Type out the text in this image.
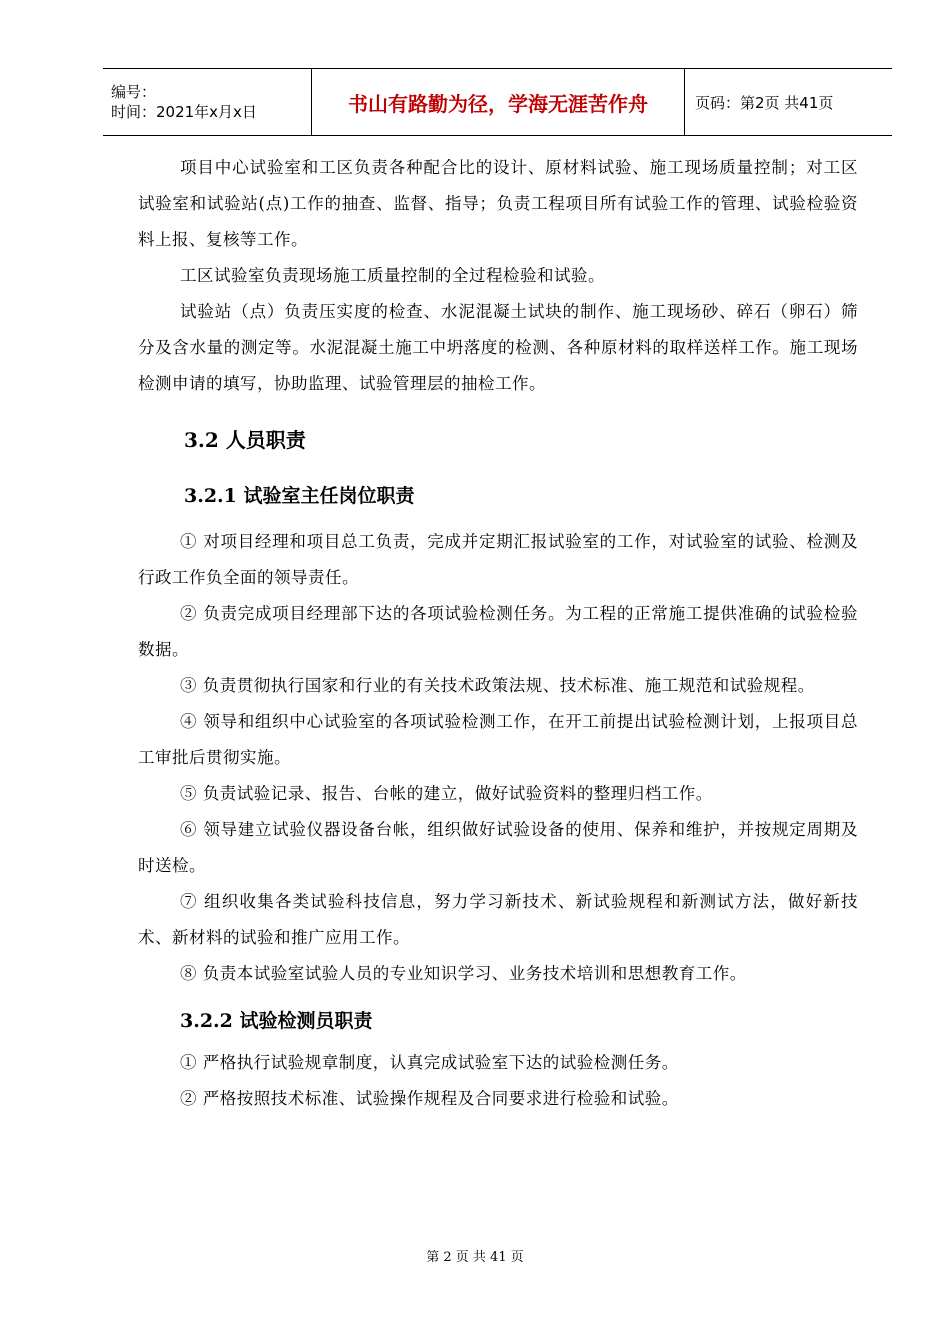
编号：
时间：2021年x月x日	书山有路勤为径，学海无涯苦作舟	页码：第2页 共41页

项目中心试验室和工区负责各种配合比的设计、原材料试验、施工现场质量控制；对工区试验室和试验站(点)工作的抽查、监督、指导；负责工程项目所有试验工作的管理、试验检验资料上报、复核等工作。

工区试验室负责现场施工质量控制的全过程检验和试验。

试验站（点）负责压实度的检查、水泥混凝土试块的制作、施工现场砂、碎石（卵石）筛分及含水量的测定等。水泥混凝土施工中坍落度的检测、各种原材料的取样送样工作。施工现场检测申请的填写，协助监理、试验管理层的抽检工作。

3.2 人员职责
3.2.1 试验室主任岗位职责

① 对项目经理和项目总工负责，完成并定期汇报试验室的工作，对试验室的试验、检测及行政工作负全面的领导责任。

② 负责完成项目经理部下达的各项试验检测任务。为工程的正常施工提供准确的试验检验数据。

③ 负责贯彻执行国家和行业的有关技术政策法规、技术标准、施工规范和试验规程。

④ 领导和组织中心试验室的各项试验检测工作，在开工前提出试验检测计划，上报项目总工审批后贯彻实施。

⑤ 负责试验记录、报告、台帐的建立，做好试验资料的整理归档工作。

⑥ 领导建立试验仪器设备台帐，组织做好试验设备的使用、保养和维护，并按规定周期及时送检。

⑦ 组织收集各类试验科技信息，努力学习新技术、新试验规程和新测试方法，做好新技术、新材料的试验和推广应用工作。

⑧ 负责本试验室试验人员的专业知识学习、业务技术培训和思想教育工作。

3.2.2 试验检测员职责

① 严格执行试验规章制度，认真完成试验室下达的试验检测任务。

② 严格按照技术标准、试验操作规程及合同要求进行检验和试验。

第 2 页 共 41 页
